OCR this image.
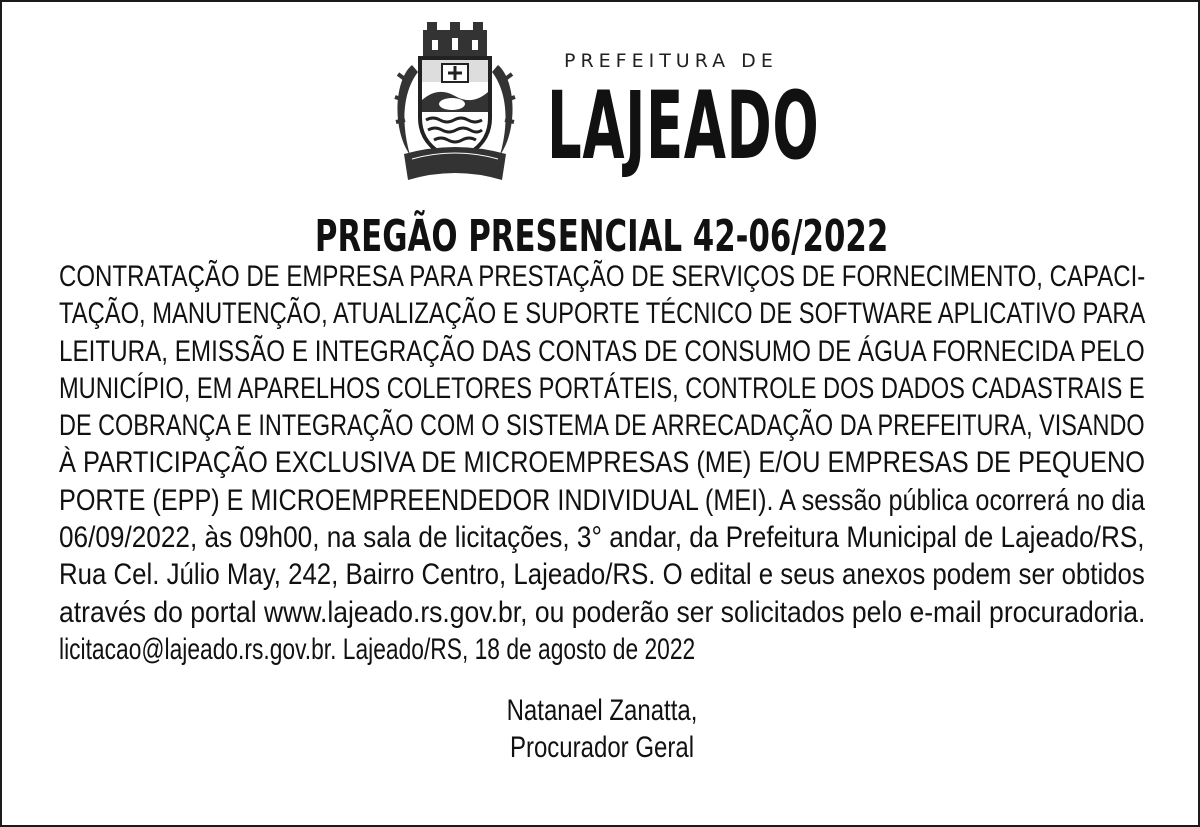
PREFEITURA DE
LAJEADO
PREGÃO PRESENCIAL 42-06/2022
CONTRATAÇÃO DE EMPRESA PARA PRESTAÇÃO DE SERVIÇOS DE FORNECIMENTO, CAPACI-
TAÇÃO, MANUTENÇÃO, ATUALIZAÇÃO E SUPORTE TÉCNICO DE SOFTWARE APLICATIVO PARA
LEITURA, EMISSÃO E INTEGRAÇÃO DAS CONTAS DE CONSUMO DE ÁGUA FORNECIDA PELO
MUNICÍPIO, EM APARELHOS COLETORES PORTÁTEIS, CONTROLE DOS DADOS CADASTRAIS E
DE COBRANÇA E INTEGRAÇÃO COM O SISTEMA DE ARRECADAÇÃO DA PREFEITURA, VISANDO
À PARTICIPAÇÃO EXCLUSIVA DE MICROEMPRESAS (ME) E/OU EMPRESAS DE PEQUENO
PORTE (EPP) E MICROEMPREENDEDOR INDIVIDUAL (MEI). A sessão pública ocorrerá no dia
06/09/2022, às 09h00, na sala de licitações, 3° andar, da Prefeitura Municipal de Lajeado/RS,
Rua Cel. Júlio May, 242, Bairro Centro, Lajeado/RS. O edital e seus anexos podem ser obtidos
através do portal www.lajeado.rs.gov.br, ou poderão ser solicitados pelo e-mail procuradoria.
licitacao@lajeado.rs.gov.br. Lajeado/RS, 18 de agosto de 2022
Natanael Zanatta,
Procurador Geral
